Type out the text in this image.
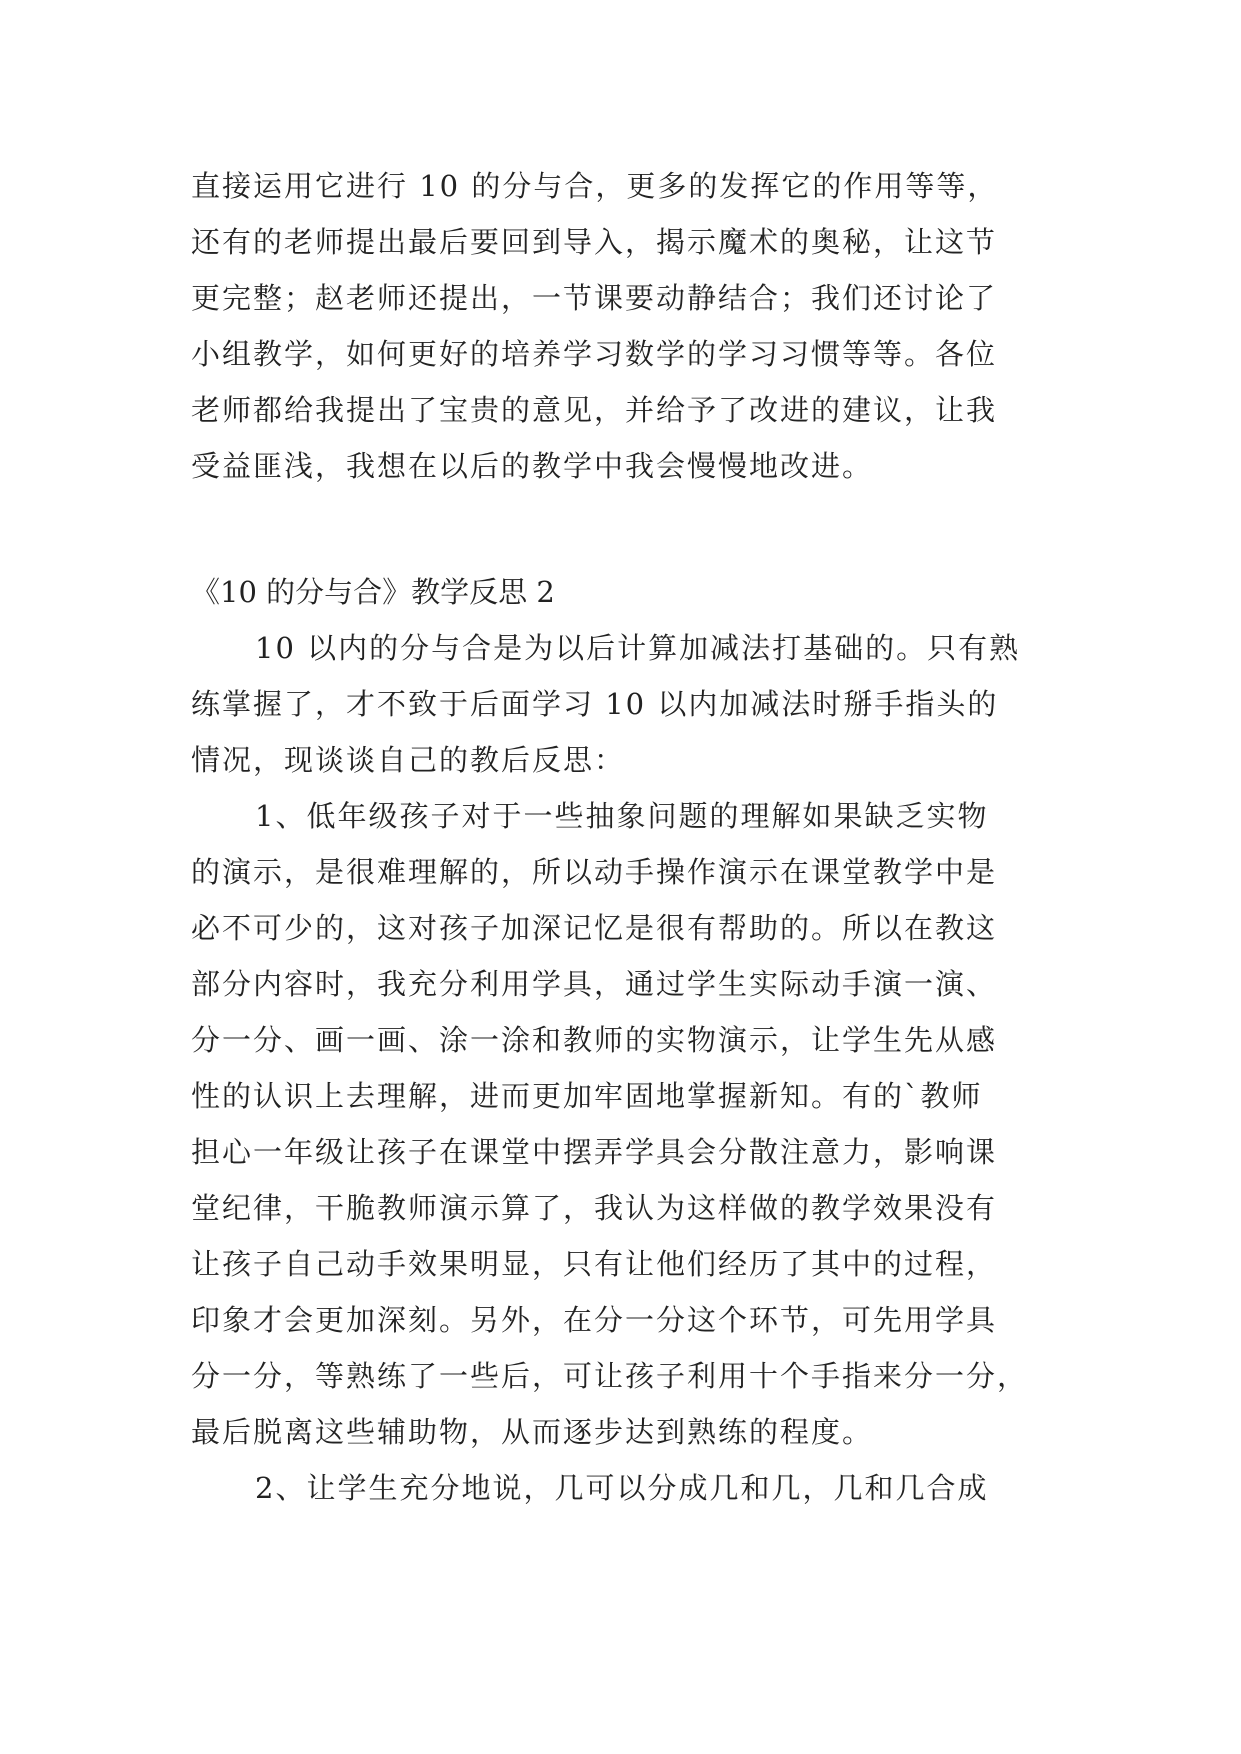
直接运用它进行 10 的分与合，更多的发挥它的作用等等，
还有的老师提出最后要回到导入，揭示魔术的奥秘，让这节
更完整；赵老师还提出，一节课要动静结合；我们还讨论了
小组教学，如何更好的培养学习数学的学习习惯等等。各位
老师都给我提出了宝贵的意见，并给予了改进的建议，让我
受益匪浅，我想在以后的教学中我会慢慢地改进。
《10 的分与合》教学反思 2
10 以内的分与合是为以后计算加减法打基础的。只有熟
练掌握了，才不致于后面学习 10 以内加减法时掰手指头的
情况，现谈谈自己的教后反思：
1、低年级孩子对于一些抽象问题的理解如果缺乏实物
的演示，是很难理解的，所以动手操作演示在课堂教学中是
必不可少的，这对孩子加深记忆是很有帮助的。所以在教这
部分内容时，我充分利用学具，通过学生实际动手演一演、
分一分、画一画、涂一涂和教师的实物演示，让学生先从感
性的认识上去理解，进而更加牢固地掌握新知。有的`教师
担心一年级让孩子在课堂中摆弄学具会分散注意力，影响课
堂纪律，干脆教师演示算了，我认为这样做的教学效果没有
让孩子自己动手效果明显，只有让他们经历了其中的过程，
印象才会更加深刻。另外，在分一分这个环节，可先用学具
分一分，等熟练了一些后，可让孩子利用十个手指来分一分，
最后脱离这些辅助物，从而逐步达到熟练的程度。
2、让学生充分地说，几可以分成几和几，几和几合成
